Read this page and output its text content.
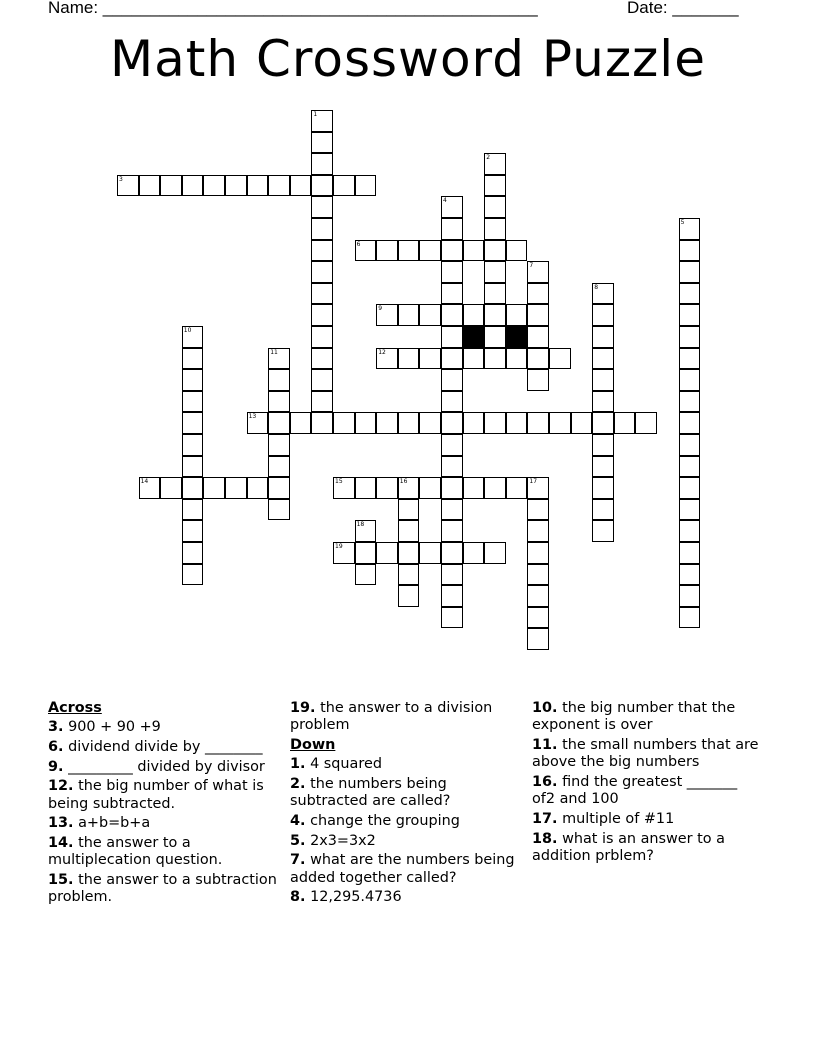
Name: ______________________________________________	Date: _______
Math Crossword Puzzle
1
2
3
4
5
6
7
8
9
10
11	12
13
14	15	16	17
18
19
Across
3. 900 + 90 +9
6. dividend divide by ________
9. _________ divided by divisor
12. the big number of what is being subtracted.
13. a+b=b+a
14. the answer to a multiplecation question.
15. the answer to a subtraction problem.
19. the answer to a division problem
Down
1. 4 squared
2. the numbers being subtracted are called?
4. change the grouping
5. 2x3=3x2
7. what are the numbers being added together called?
8. 12,295.4736
10. the big number that the exponent is over
11. the small numbers that are above the big numbers
16. find the greatest _______ of2 and 100
17. multiple of #11
18. what is an answer to a addition prblem?
